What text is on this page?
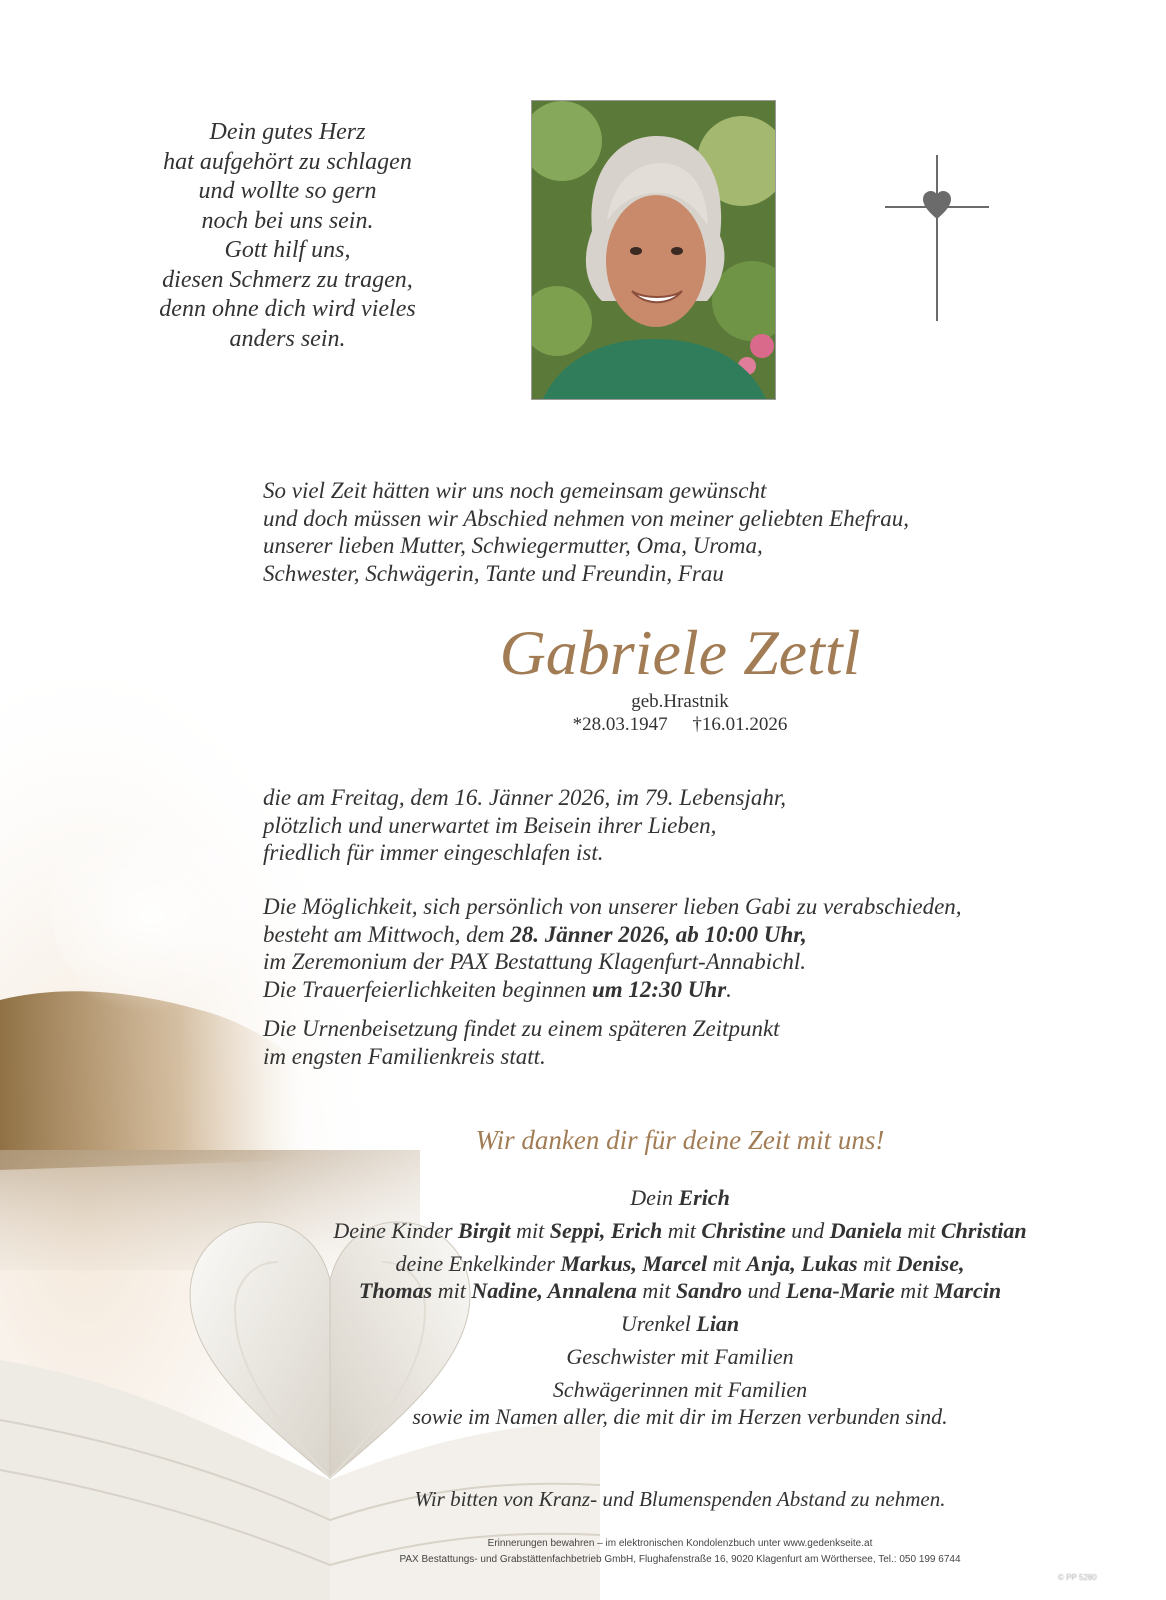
Dein gutes Herz
hat aufgehört zu schlagen
und wollte so gern
noch bei uns sein.
Gott hilf uns,
diesen Schmerz zu tragen,
denn ohne dich wird vieles
anders sein.
So viel Zeit hätten wir uns noch gemeinsam gewünscht
und doch müssen wir Abschied nehmen von meiner geliebten Ehefrau,
unserer lieben Mutter, Schwiegermutter, Oma, Uroma,
Schwester, Schwägerin, Tante und Freundin, Frau
Gabriele Zettl
geb.Hrastnik
*28.03.1947 †16.01.2026
die am Freitag, dem 16. Jänner 2026, im 79. Lebensjahr,
plötzlich und unerwartet im Beisein ihrer Lieben,
friedlich für immer eingeschlafen ist.
Die Möglichkeit, sich persönlich von unserer lieben Gabi zu verabschieden,
besteht am Mittwoch, dem 28. Jänner 2026, ab 10:00 Uhr,
im Zeremonium der PAX Bestattung Klagenfurt-Annabichl.
Die Trauerfeierlichkeiten beginnen um 12:30 Uhr.
Die Urnenbeisetzung findet zu einem späteren Zeitpunkt
im engsten Familienkreis statt.
Wir danken dir für deine Zeit mit uns!
Dein Erich
Deine Kinder Birgit mit Seppi, Erich mit Christine und Daniela mit Christian
deine Enkelkinder Markus, Marcel mit Anja, Lukas mit Denise,
Thomas mit Nadine, Annalena mit Sandro und Lena-Marie mit Marcin
Urenkel Lian
Geschwister mit Familien
Schwägerinnen mit Familien
sowie im Namen aller, die mit dir im Herzen verbunden sind.
Wir bitten von Kranz- und Blumenspenden Abstand zu nehmen.
Erinnerungen bewahren – im elektronischen Kondolenzbuch unter www.gedenkseite.at
PAX Bestattungs- und Grabstättenfachbetrieb GmbH, Flughafenstraße 16, 9020 Klagenfurt am Wörthersee, Tel.: 050 199 6744
© PP 5280
